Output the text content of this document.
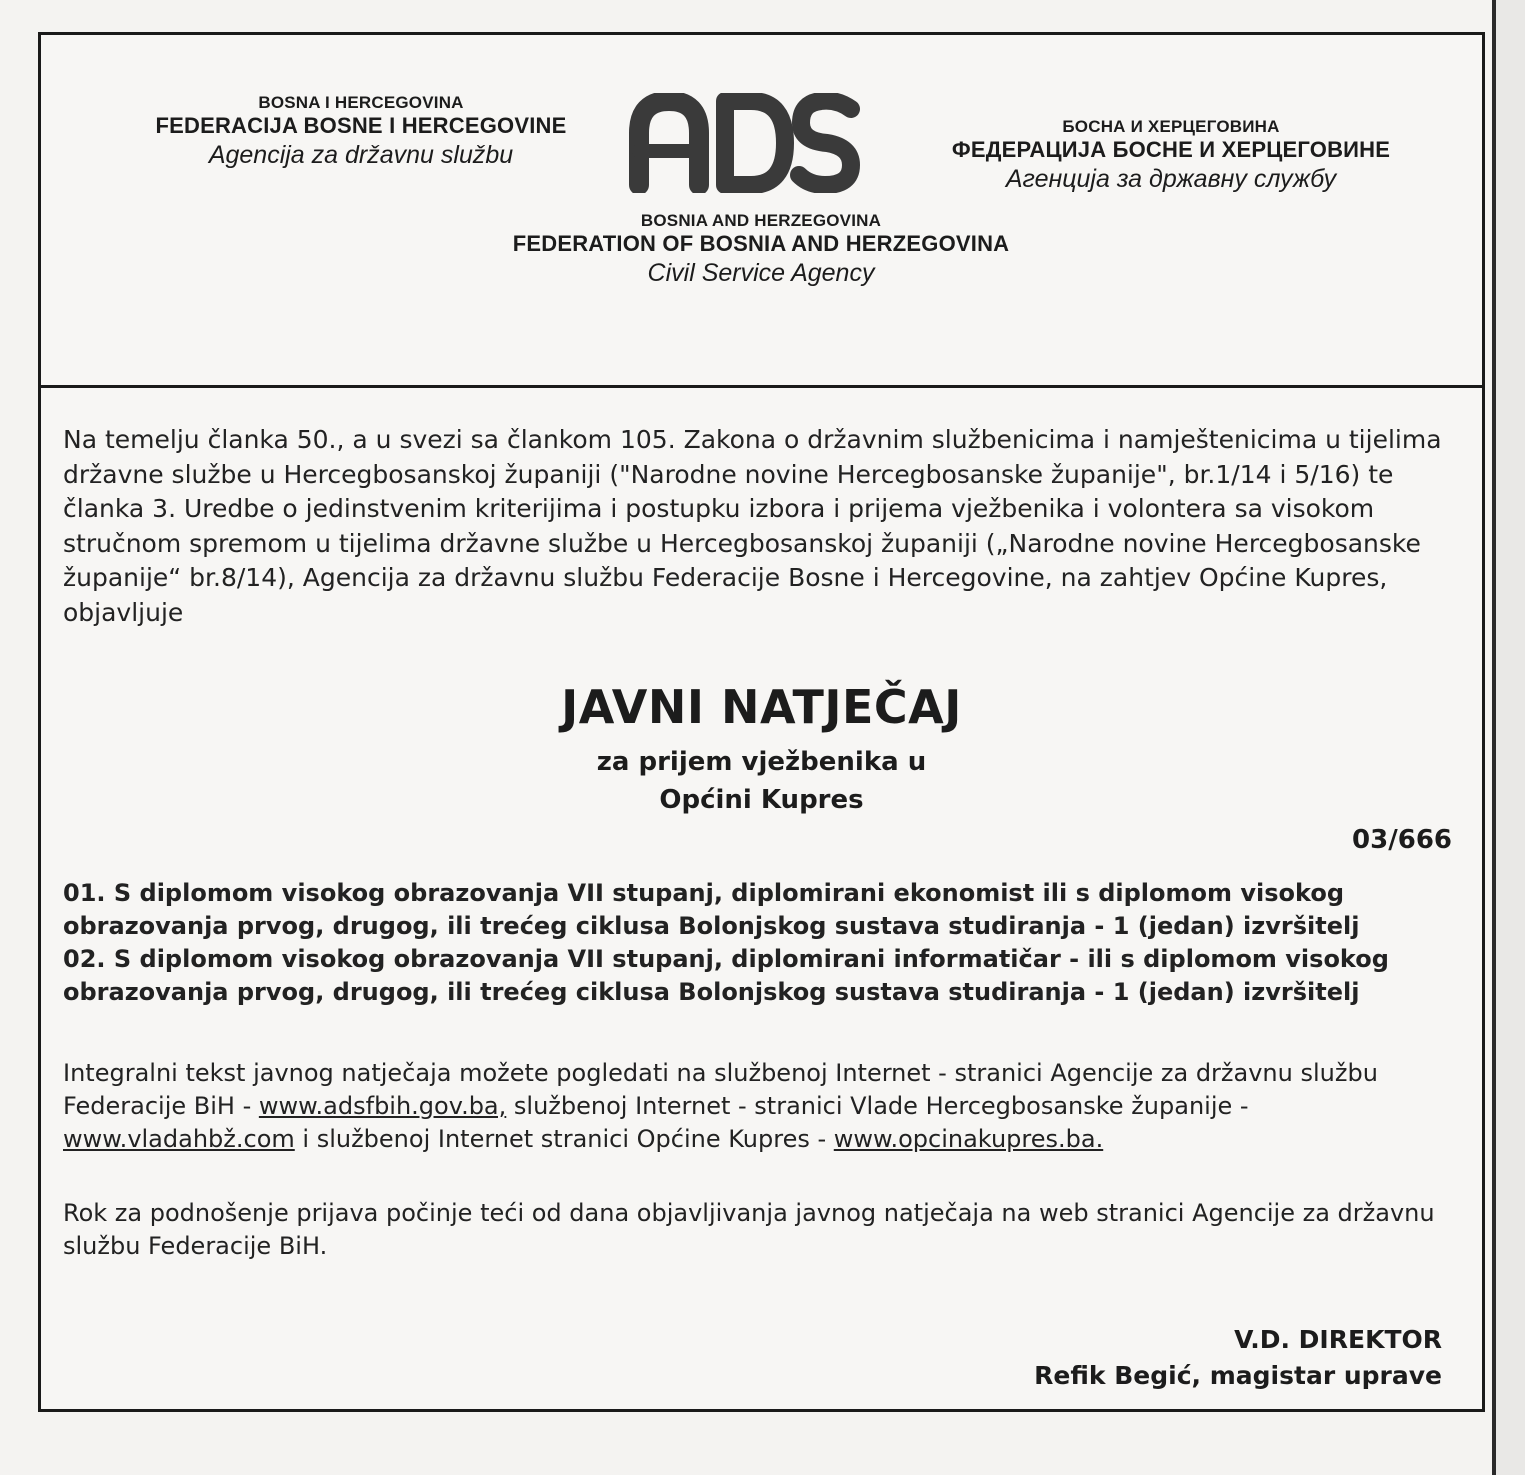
BOSNA I HERCEGOVINA
FEDERACIJA BOSNE I HERCEGOVINE
Agencija za državnu službu
БОСНА И ХЕРЦЕГОВИНА
ФЕДЕРАЦИЈА БОСНЕ И ХЕРЦЕГОВИНЕ
Агенција за државну службу
BOSNIA AND HERZEGOVINA
FEDERATION OF BOSNIA AND HERZEGOVINA
Civil Service Agency
Na temelju članka 50., a u svezi sa člankom 105. Zakona o državnim službenicima i namještenicima u tijelima državne službe u Hercegbosanskoj županiji ("Narodne novine Hercegbosanske županije", br.1/14 i 5/16) te članka 3. Uredbe o jedinstvenim kriterijima i postupku izbora i prijema vježbenika i volontera sa visokom stručnom spremom u tijelima državne službe u Hercegbosanskoj županiji („Narodne novine Hercegbosanske županije“ br.8/14), Agencija za državnu službu Federacije Bosne i Hercegovine, na zahtjev Općine Kupres, objavljuje
JAVNI NATJEČAJ
za prijem vježbenika u
Općini Kupres
03/666
01. S diplomom visokog obrazovanja VII stupanj, diplomirani ekonomist ili s diplomom visokog obrazovanja prvog, drugog, ili trećeg ciklusa Bolonjskog sustava studiranja - 1 (jedan) izvršitelj
02. S diplomom visokog obrazovanja VII stupanj, diplomirani informatičar - ili s diplomom visokog obrazovanja prvog, drugog, ili trećeg ciklusa Bolonjskog sustava studiranja - 1 (jedan) izvršitelj
Integralni tekst javnog natječaja možete pogledati na službenoj Internet - stranici Agencije za državnu službu Federacije BiH - www.adsfbih.gov.ba, službenoj Internet - stranici Vlade Hercegbosanske županije - www.vladahbž.com i službenoj Internet stranici Općine Kupres - www.opcinakupres.ba.
Rok za podnošenje prijava počinje teći od dana objavljivanja javnog natječaja na web stranici Agencije za državnu službu Federacije BiH.
V.D. DIREKTOR
Refik Begić, magistar uprave
